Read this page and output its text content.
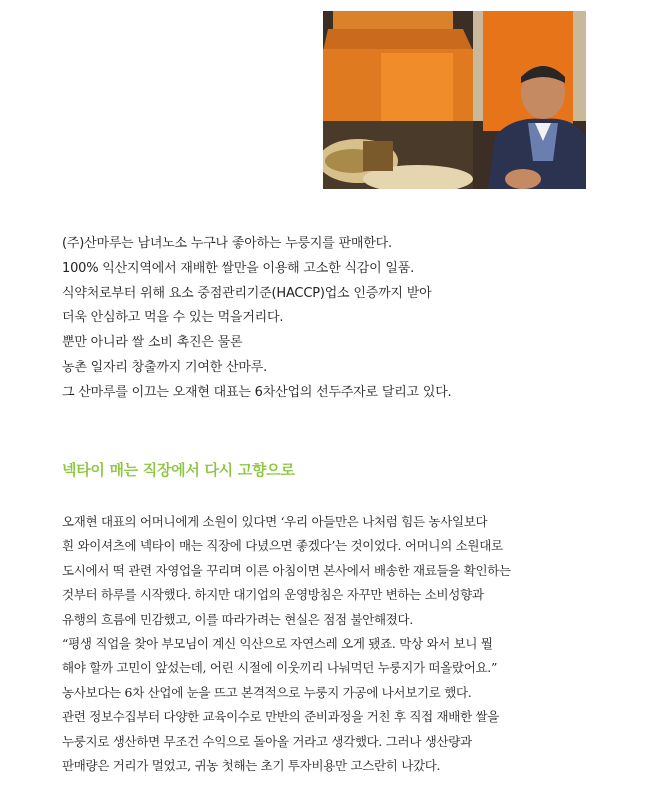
(주)산마루는 남녀노소 누구나 좋아하는 누룽지를 판매한다.
100% 익산지역에서 재배한 쌀만을 이용해 고소한 식감이 일품.
식약처로부터 위해 요소 중점관리기준(HACCP)업소 인증까지 받아
더욱 안심하고 먹을 수 있는 먹을거리다.
뿐만 아니라 쌀 소비 촉진은 물론
농촌 일자리 창출까지 기여한 산마루.
그 산마루를 이끄는 오재현 대표는 6차산업의 선두주자로 달리고 있다.
넥타이 매는 직장에서 다시 고향으로
오재현 대표의 어머니에게 소원이 있다면 ‘우리 아들만은 나처럼 힘든 농사일보다
흰 와이셔츠에 넥타이 매는 직장에 다녔으면 좋겠다’는 것이었다. 어머니의 소원대로
도시에서 떡 관련 자영업을 꾸리며 이른 아침이면 본사에서 배송한 재료들을 확인하는
것부터 하루를 시작했다. 하지만 대기업의 운영방침은 자꾸만 변하는 소비성향과
유행의 흐름에 민감했고, 이를 따라가려는 현실은 점점 불안해졌다.
“평생 직업을 찾아 부모님이 계신 익산으로 자연스레 오게 됐죠. 막상 와서 보니 뭘
해야 할까 고민이 앞섰는데, 어린 시절에 이웃끼리 나눠먹던 누룽지가 떠올랐어요.”
농사보다는 6차 산업에 눈을 뜨고 본격적으로 누룽지 가공에 나서보기로 했다.
관련 정보수집부터 다양한 교육이수로 만반의 준비과정을 거친 후 직접 재배한 쌀을
누룽지로 생산하면 무조건 수익으로 돌아올 거라고 생각했다. 그러나 생산량과
판매량은 거리가 멀었고, 귀농 첫해는 초기 투자비용만 고스란히 나갔다.
